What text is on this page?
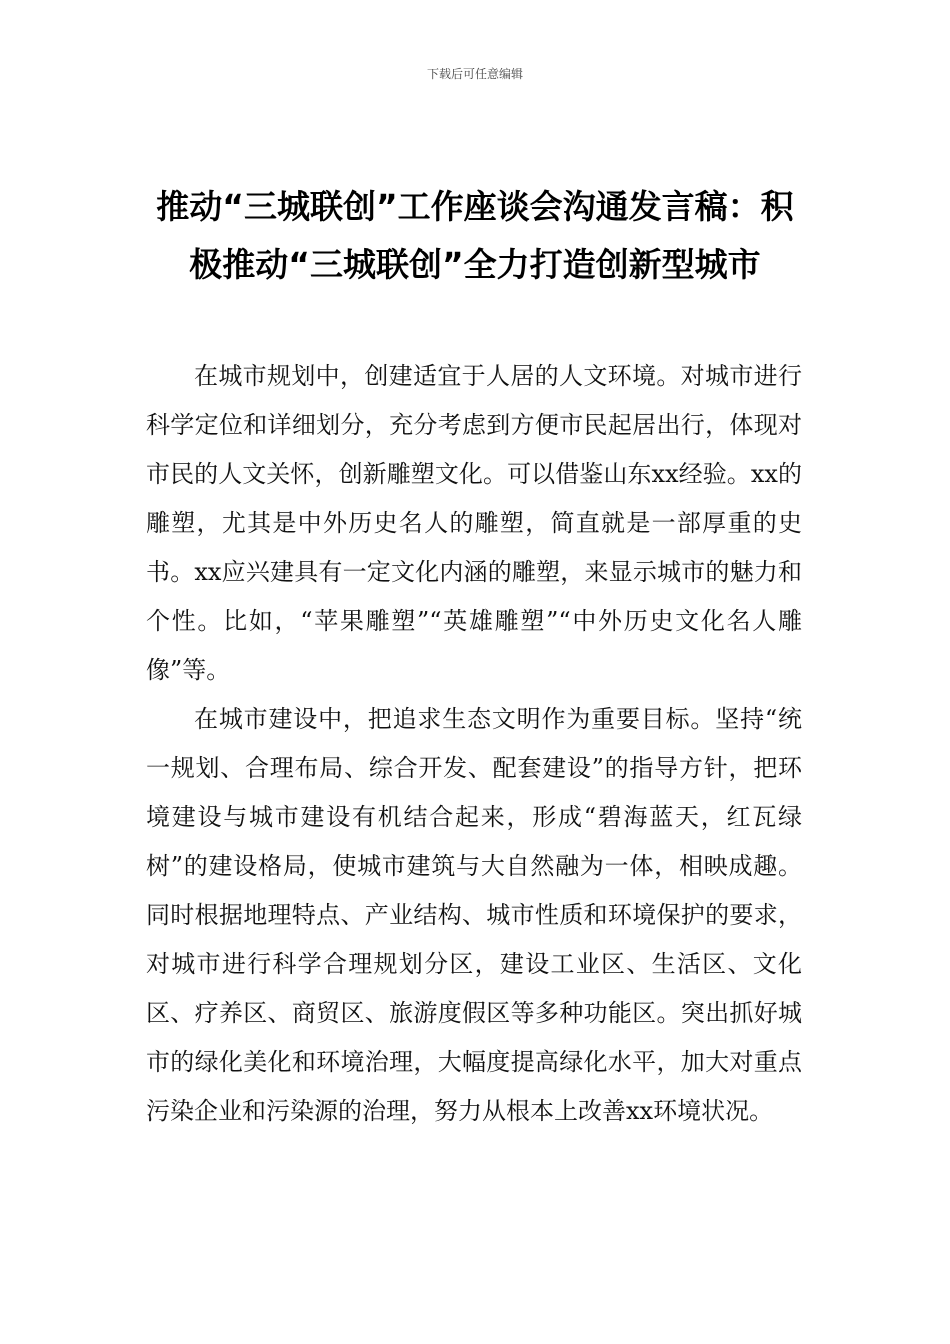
下载后可任意编辑
推动“三城联创”工作座谈会沟通发言稿：积极推动“三城联创”全力打造创新型城市

在城市规划中，创建适宜于人居的人文环境。对城市进行科学定位和详细划分，充分考虑到方便市民起居出行，体现对市民的人文关怀，创新雕塑文化。可以借鉴山东xx经验。xx的雕塑，尤其是中外历史名人的雕塑，简直就是一部厚重的史书。xx应兴建具有一定文化内涵的雕塑，来显示城市的魅力和个性。比如，“苹果雕塑”“英雄雕塑”“中外历史文化名人雕像”等。

在城市建设中，把追求生态文明作为重要目标。坚持“统一规划、合理布局、综合开发、配套建设”的指导方针，把环境建设与城市建设有机结合起来，形成“碧海蓝天，红瓦绿树”的建设格局，使城市建筑与大自然融为一体，相映成趣。同时根据地理特点、产业结构、城市性质和环境保护的要求，对城市进行科学合理规划分区，建设工业区、生活区、文化区、疗养区、商贸区、旅游度假区等多种功能区。突出抓好城市的绿化美化和环境治理，大幅度提高绿化水平，加大对重点污染企业和污染源的治理，努力从根本上改善xx环境状况。
